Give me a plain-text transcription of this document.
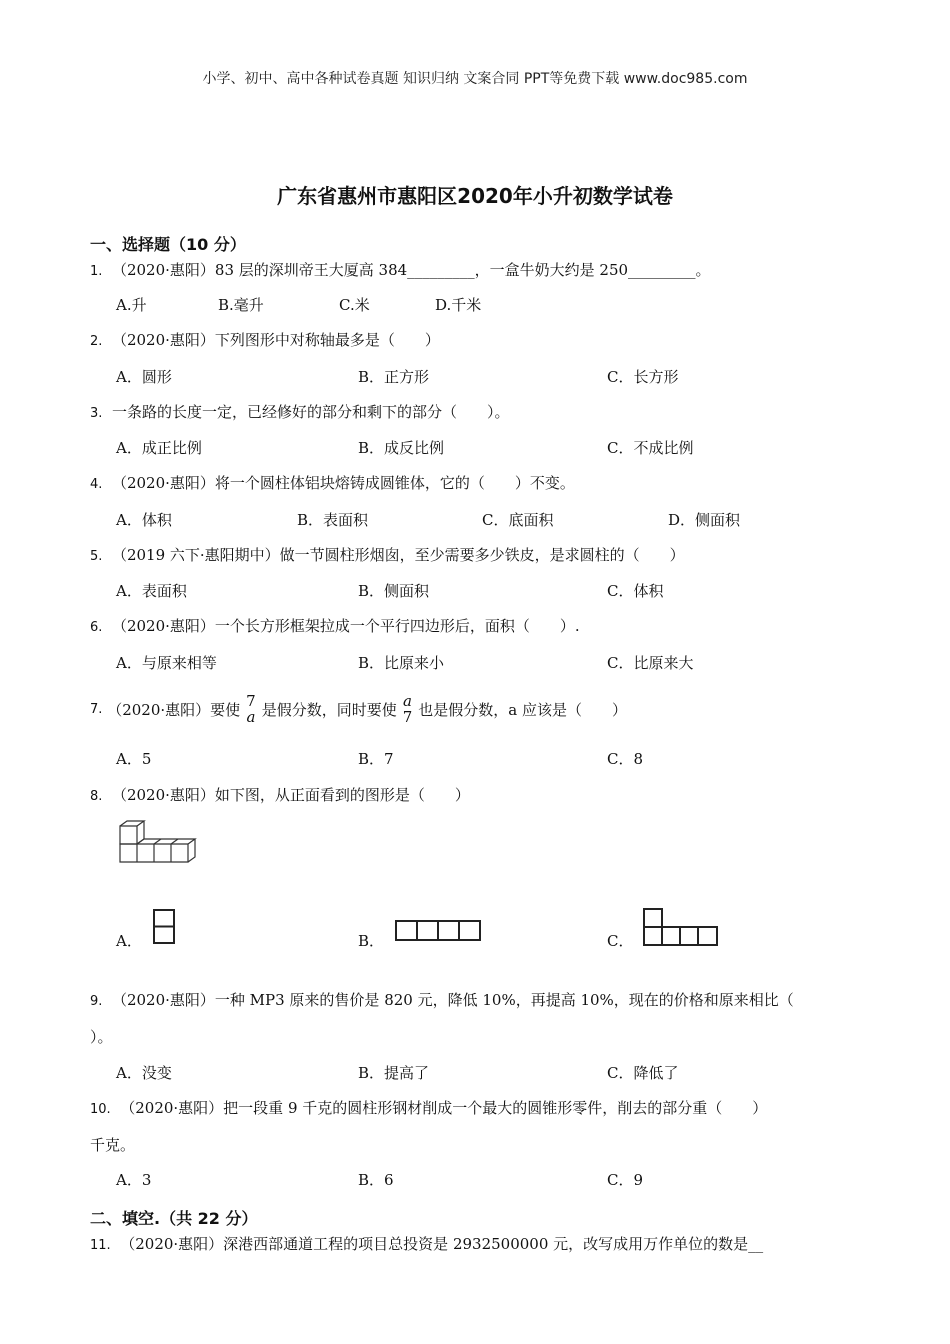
小学、初中、高中各种试卷真题 知识归纳 文案合同 PPT等免费下载 www.doc985.com
广东省惠州市惠阳区2020年小升初数学试卷
一、选择题（10 分）
1. （2020·惠阳）83 层的深圳帝王大厦高 384_________，一盒牛奶大约是 250_________。
A.升	B.毫升	C.米	D.千米
2. （2020·惠阳）下列图形中对称轴最多是（　　）
A．圆形	B．正方形	C．长方形
3. 一条路的长度一定，已经修好的部分和剩下的部分（　　）。
A．成正比例	B．成反比例	C．不成比例
4. （2020·惠阳）将一个圆柱体铝块熔铸成圆锥体，它的（　　）不变。
A．体积	B．表面积	C．底面积	D．侧面积
5. （2019 六下·惠阳期中）做一节圆柱形烟囱，至少需要多少铁皮，是求圆柱的（　　）
A．表面积	B．侧面积	C．体积
6. （2020·惠阳）一个长方形框架拉成一个平行四边形后，面积（　　）.
A．与原来相等	B．比原来小	C．比原来大
7.
（2020·惠阳）要使 7
a 是假分数，同时要使 a
7 也是假分数，a 应该是（　　）
A．5	B．7	C．8
8. （2020·惠阳）如下图，从正面看到的图形是（　　）
A．	B．	C．
9. （2020·惠阳）一种 MP3 原来的售价是 820 元，降低 10%，再提高 10%，现在的价格和原来相比（
）。
A．没变	B．提高了	C．降低了
10. （2020·惠阳）把一段重 9 千克的圆柱形钢材削成一个最大的圆锥形零件，削去的部分重（　　）
千克。
A．3	B．6	C．9
二、填空.（共 22 分）
11. （2020·惠阳）深港西部通道工程的项目总投资是 2932500000 元，改写成用万作单位的数是__
